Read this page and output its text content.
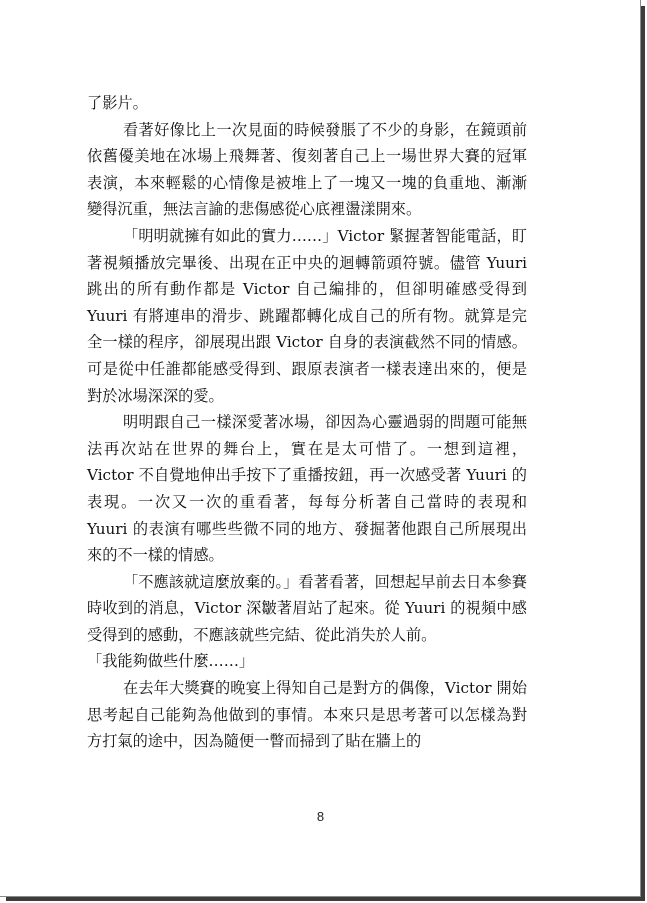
了影片。

看著好像比上一次見面的時候發脹了不少的身影，在鏡頭前依舊優美地在冰場上飛舞著、復刻著自己上一場世界大賽的冠軍表演，本來輕鬆的心情像是被堆上了一塊又一塊的負重地、漸漸變得沉重，無法言諭的悲傷感從心底裡盪漾開來。

「明明就擁有如此的實力……」Victor 緊握著智能電話，盯著視頻播放完畢後、出現在正中央的迴轉箭頭符號。儘管 Yuuri 跳出的所有動作都是 Victor 自己編排的，但卻明確感受得到 Yuuri 有將連串的滑步、跳躍都轉化成自己的所有物。就算是完全一樣的程序，卻展現出跟 Victor 自身的表演截然不同的情感。可是從中任誰都能感受得到、跟原表演者一樣表達出來的，便是對於冰場深深的愛。

明明跟自己一樣深愛著冰場，卻因為心靈過弱的問題可能無法再次站在世界的舞台上，實在是太可惜了。一想到這裡，Victor 不自覺地伸出手按下了重播按鈕，再一次感受著 Yuuri 的表現。一次又一次的重看著，每每分析著自己當時的表現和 Yuuri 的表演有哪些些微不同的地方、發掘著他跟自己所展現出來的不一樣的情感。

「不應該就這麼放棄的。」看著看著，回想起早前去日本參賽時收到的消息，Victor 深皺著眉站了起來。從 Yuuri 的視頻中感受得到的感動，不應該就些完結、從此消失於人前。

「我能夠做些什麼……」

在去年大獎賽的晚宴上得知自己是對方的偶像，Victor 開始思考起自己能夠為他做到的事情。本來只是思考著可以怎樣為對方打氣的途中，因為隨便一瞥而掃到了貼在牆上的

8
